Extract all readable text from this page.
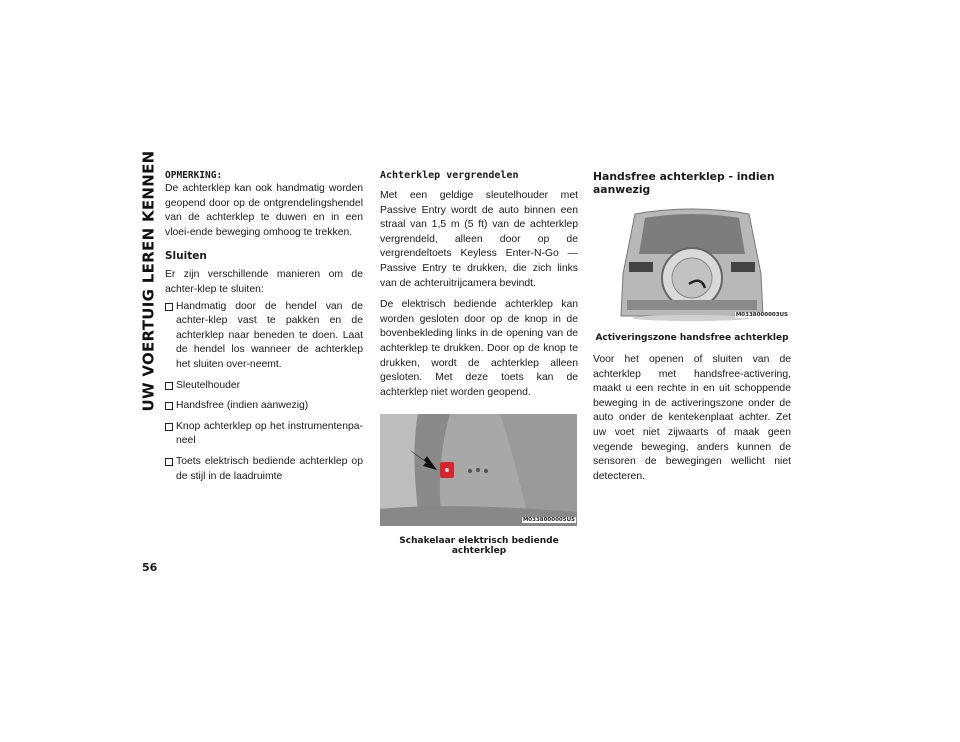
UW VOERTUIG LEREN KENNEN
56
OPMERKING:

De achterklep kan ook handmatig worden geopend door op de ontgrendelingshendel van de achterklep te duwen en in een vloei-ende beweging omhoog te trekken.

Sluiten

Er zijn verschillende manieren om de achter-klep te sluiten:

Handmatig door de hendel van de achter-klep vast te pakken en de achterklep naar beneden te doen. Laat de hendel los wanneer de achterklep het sluiten over-neemt.
Sleutelhouder
Handsfree (indien aanwezig)
Knop achterklep op het instrumentenpa-neel
Toets elektrisch bediende achterklep op de stijl in de laadruimte
Achterklep vergrendelen

Met een geldige sleutelhouder met Passive Entry wordt de auto binnen een straal van 1,5 m (5 ft) van de achterklep vergrendeld, alleen door op de vergrendeltoets Keyless Enter-N-Go —Passive Entry te drukken, die zich links van de achteruitrijcamera bevindt.

De elektrisch bediende achterklep kan worden gesloten door op de knop in de bovenbekleding links in de opening van de achterklep te drukken. Door op de knop te drukken, wordt de achterklep alleen gesloten. Met deze toets kan de achterklep niet worden geopend.

M0338000005US
Schakelaar elektrisch bediende achterklep
Handsfree achterklep - indien aanwezig
M0338000003US
Activeringszone handsfree achterklep

Voor het openen of sluiten van de achterklep met handsfree-activering, maakt u een rechte in en uit schoppende beweging in de activeringszone onder de auto onder de kentekenplaat achter. Zet uw voet niet zijwaarts of maak geen vegende beweging, anders kunnen de sensoren de bewegingen wellicht niet detecteren.
